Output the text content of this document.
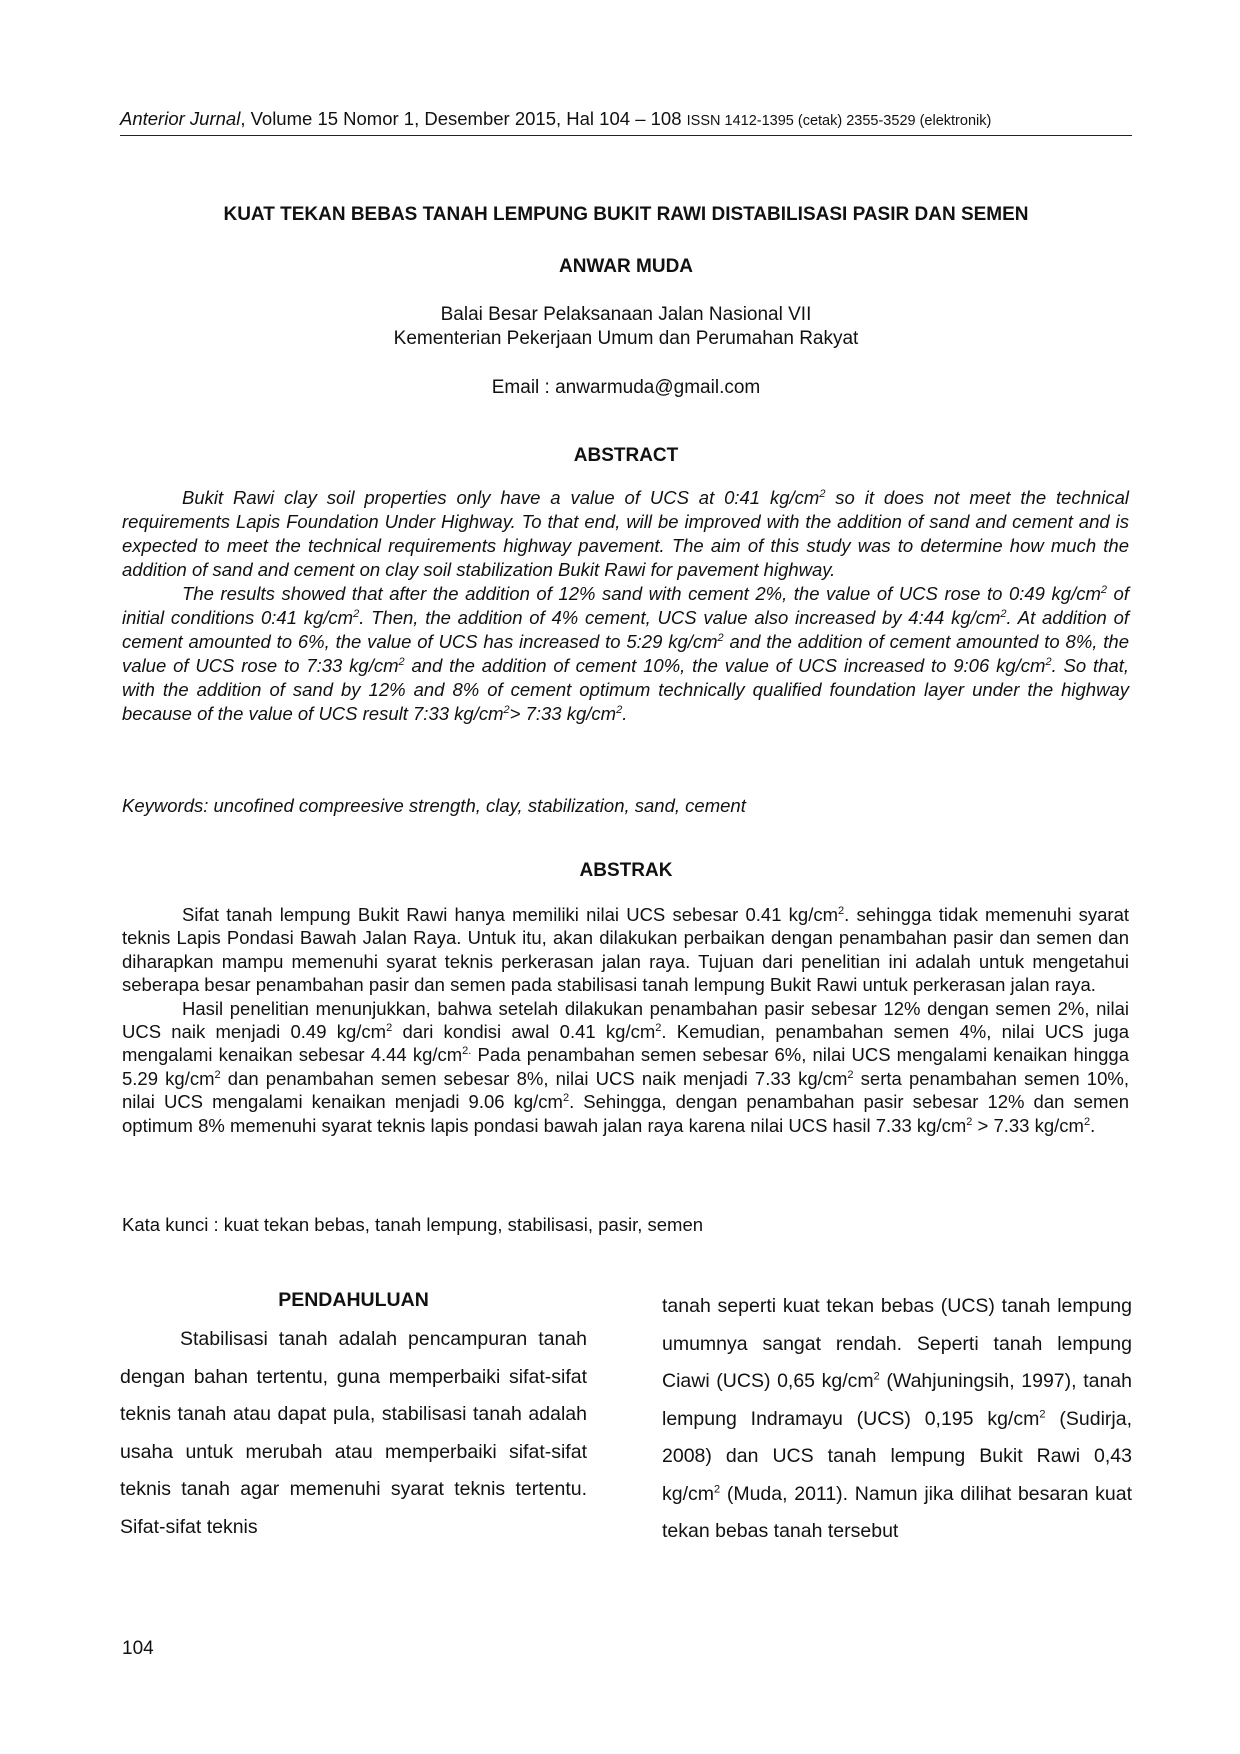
Anterior Jurnal, Volume 15 Nomor 1, Desember 2015, Hal 104 – 108 ISSN 1412-1395 (cetak) 2355-3529 (elektronik)
KUAT TEKAN BEBAS TANAH LEMPUNG BUKIT RAWI DISTABILISASI PASIR DAN SEMEN
ANWAR MUDA
Balai Besar Pelaksanaan Jalan Nasional VII
Kementerian Pekerjaan Umum dan Perumahan Rakyat
Email : anwarmuda@gmail.com
ABSTRACT

Bukit Rawi clay soil properties only have a value of UCS at 0:41 $kg/cm^2$ so it does not meet the technical requirements Lapis Foundation Under Highway. To that end, will be improved with the addition of sand and cement and is expected to meet the technical requirements highway pavement. The aim of this study was to determine how much the addition of sand and cement on clay soil stabilization Bukit Rawi for pavement highway.

The results showed that after the addition of 12% sand with cement 2%, the value of UCS rose to 0:49 $kg/cm^2$ of initial conditions 0:41 $kg/cm^2$. Then, the addition of 4% cement, UCS value also increased by 4:44 $kg/cm^2$. At addition of cement amounted to 6%, the value of UCS has increased to 5:29 $kg/cm^2$ and the addition of cement amounted to 8%, the value of UCS rose to 7:33 $kg/cm^2$ and the addition of cement 10%, the value of UCS increased to 9:06 $kg/cm^2$. So that, with the addition of sand by 12% and 8% of cement optimum technically qualified foundation layer under the highway because of the value of UCS result 7:33 $kg/cm^2>$ 7:33 $kg/cm^2$.

Keywords: uncofined compreesive strength, clay, stabilization, sand, cement
ABSTRAK

Sifat tanah lempung Bukit Rawi hanya memiliki nilai UCS sebesar 0.41 $kg/cm^2$. sehingga tidak memenuhi syarat teknis Lapis Pondasi Bawah Jalan Raya. Untuk itu, akan dilakukan perbaikan dengan penambahan pasir dan semen dan diharapkan mampu memenuhi syarat teknis perkerasan jalan raya. Tujuan dari penelitian ini adalah untuk mengetahui seberapa besar penambahan pasir dan semen pada stabilisasi tanah lempung Bukit Rawi untuk perkerasan jalan raya.

Hasil penelitian menunjukkan, bahwa setelah dilakukan penambahan pasir sebesar 12% dengan semen 2%, nilai UCS naik menjadi 0.49 $kg/cm^2$ dari kondisi awal 0.41 $kg/cm^2$. Kemudian, penambahan semen 4%, nilai UCS juga mengalami kenaikan sebesar 4.44 $kg/cm^{2.}$ Pada penambahan semen sebesar 6%, nilai UCS mengalami kenaikan hingga 5.29 $kg/cm^2$ dan penambahan semen sebesar 8%, nilai UCS naik menjadi 7.33 $kg/cm^2$ serta penambahan semen 10%, nilai UCS mengalami kenaikan menjadi 9.06 $kg/cm^2$. Sehingga, dengan penambahan pasir sebesar 12% dan semen optimum 8% memenuhi syarat teknis lapis pondasi bawah jalan raya karena nilai UCS hasil 7.33 $kg/cm^2 > 7.33$ $kg/cm^2$.

Kata kunci : kuat tekan bebas, tanah lempung, stabilisasi, pasir, semen
PENDAHULUAN

Stabilisasi tanah adalah pencampuran tanah dengan bahan tertentu, guna memperbaiki sifat-sifat teknis tanah atau dapat pula, stabilisasi tanah adalah usaha untuk merubah atau memperbaiki sifat-sifat teknis tanah agar memenuhi syarat teknis tertentu. Sifat-sifat teknis

tanah seperti kuat tekan bebas (UCS) tanah lempung umumnya sangat rendah. Seperti tanah lempung Ciawi (UCS) 0,65 $kg/cm^2$ (Wahjuningsih, 1997), tanah lempung Indramayu (UCS) 0,195 $kg/cm^2$ (Sudirja, 2008) dan UCS tanah lempung Bukit Rawi 0,43 $kg/cm^2$ (Muda, 2011). Namun jika dilihat besaran kuat tekan bebas tanah tersebut

104
